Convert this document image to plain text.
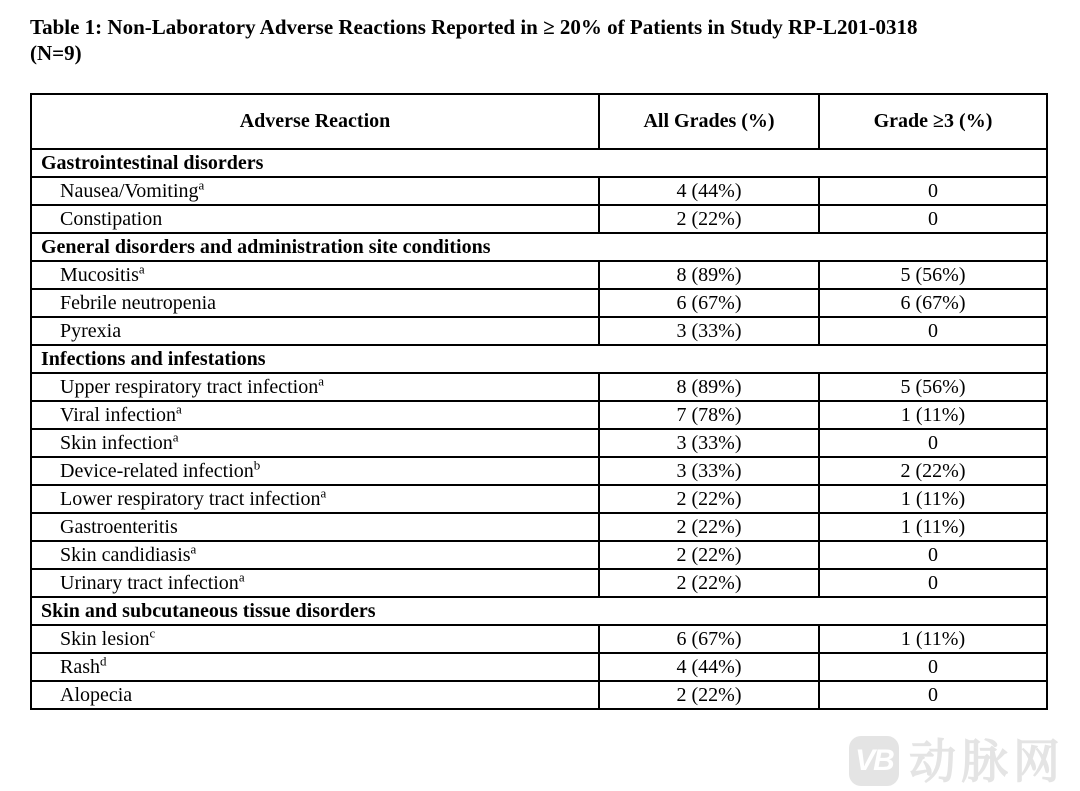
Table 1: Non-Laboratory Adverse Reactions Reported in ≥ 20% of Patients in Study RP-L201-0318
(N=9)
Adverse Reaction	All Grades (%)	Grade ≥3 (%)
Gastrointestinal disorders		
Nausea/Vomiting$^a$	4 (44%)	0
Constipation	2 (22%)	0
General disorders and administration site conditions		
Mucositis$^a$	8 (89%)	5 (56%)
Febrile neutropenia	6 (67%)	6 (67%)
Pyrexia	3 (33%)	0
Infections and infestations		
Upper respiratory tract infection$^a$	8 (89%)	5 (56%)
Viral infection$^a$	7 (78%)	1 (11%)
Skin infection$^a$	3 (33%)	0
Device-related infection$^b$	3 (33%)	2 (22%)
Lower respiratory tract infection$^a$	2 (22%)	1 (11%)
Gastroenteritis	2 (22%)	1 (11%)
Skin candidiasis$^a$	2 (22%)	0
Urinary tract infection$^a$	2 (22%)	0
Skin and subcutaneous tissue disorders		
Skin lesion$^c$	6 (67%)	1 (11%)
Rash$^d$	4 (44%)	0
Alopecia	2 (22%)	0
VB 动脉网
